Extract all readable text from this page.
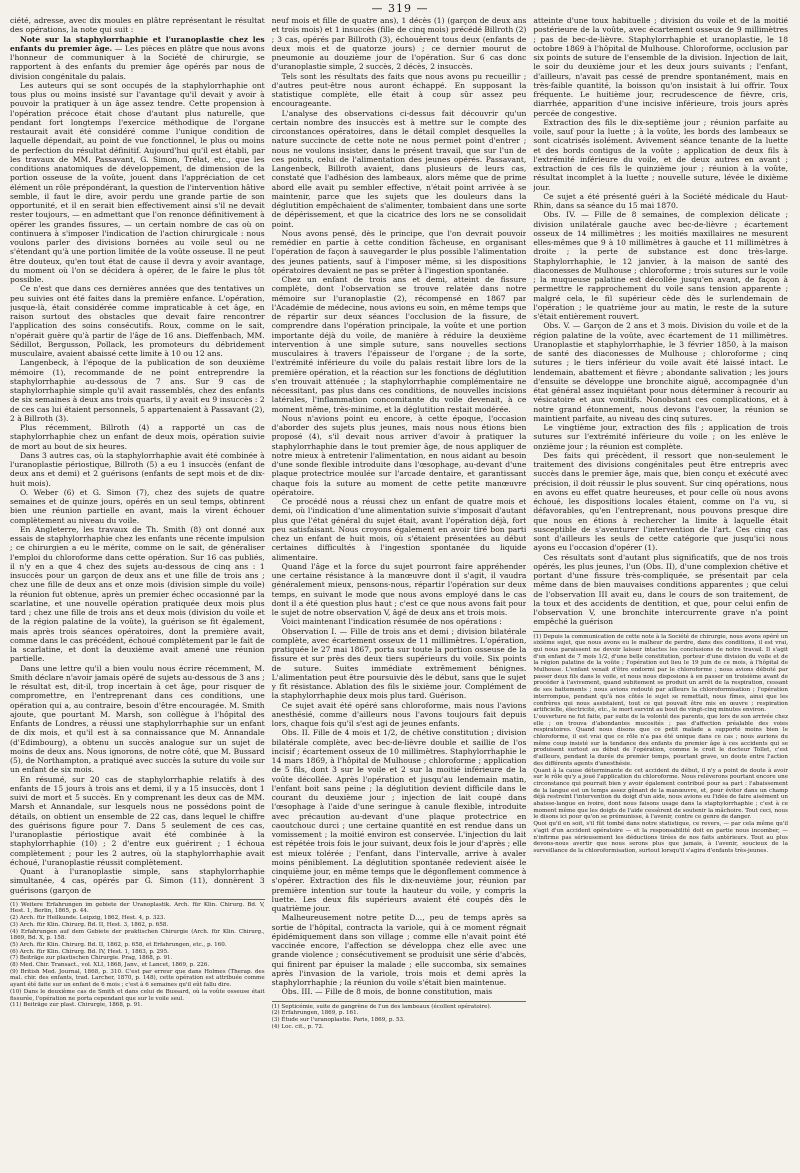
— 319 —

ciété, adresse, avec dix moules en plâtre représentant le résultat des opérations, la note qui suit :

Note sur la staphylorrhaphie et l'uranoplastie chez les enfants du premier âge. — Les pièces en plâtre que nous avons l'honneur de communiquer à la Société de chirurgie, se rapportent à des enfants du premier âge opérés par nous de division congénitale du palais.

Les auteurs qui se sont occupés de la staphylorrhaphie ont tous plus ou moins insisté sur l'avantage qu'il devait y avoir à pouvoir la pratiquer à un âge assez tendre. Cette propension à l'opération précoce était chose d'autant plus naturelle, que pendant fort longtemps l'exercice méthodique de l'organe restaurait avait été considéré comme l'unique condition de laquelle dépendait, au point de vue fonctionnel, le plus ou moins de perfection du résultat définitif. Aujourd'hui qu'il est établi, par les travaux de MM. Passavant, G. Simon, Trélat, etc., que les conditions anatomiques de développement, de dimension de la portion osseuse de la voûte, jouent dans l'appréciation de cet élément un rôle prépondérant, la question de l'intervention hâtive semble, il faut le dire, avoir perdu une grande partie de son opportunité, et il en serait bien effectivement ainsi s'il ne devait rester toujours, — en admettant que l'on renonce définitivement à opérer les grandes fissures, — un certain nombre de cas où on continuera à s'imposer l'indication de l'action chirurgicale : nous voulons parler des divisions bornées au voile seul ou ne s'étendant qu'à une portion limitée de la voûte osseuse. Il ne peut être douteux, qu'en tout état de cause il devra y avoir avantage, du moment où l'on se décidera à opérer, de le faire le plus tôt possible.

Ce n'est que dans ces dernières années que des tentatives un peu suivies ont été faites dans la première enfance. L'opération, jusque-là, était considérée comme impraticable à cet âge, en raison surtout des obstacles que devait faire rencontrer l'application des soins consécutifs. Roux, comme on le sait, n'opérait guère qu'à partir de l'âge de 16 ans. Dieffenbach, MM. Sédillot, Bergusson, Pollack, les promoteurs du débridement musculaire, avaient abaissé cette limite à 10 ou 12 ans.

Langenbeck, à l'époque de la publication de son deuxième mémoire (1), recommande de ne point entreprendre la staphylorrhaphie au-dessous de 7 ans. Sur 9 cas de staphylorrhaphie simple qu'il avait rassemblés, chez des enfants de six semaines à deux ans trois quarts, il y avait eu 9 insuccès : 2 de ces cas lui étaient personnels, 5 appartenaient à Passavant (2), 2 à Billroth (3).

Plus récemment, Billroth (4) a rapporté un cas de staphylorrhaphie chez un enfant de deux mois, opération suivie de mort au bout de six heures.

Dans 3 autres cas, où la staphylorrhaphie avait été combinée à l'uranoplastie périostique, Billroth (5) a eu 1 insuccès (enfant de deux ans et demi) et 2 guérisons (enfants de sept mois et de dix-huit mois).

O. Weber (6) et G. Simon (7), chez des sujets de quatre semaines et de quinze jours, opérés en un seul temps, obtinrent bien une réunion partielle en avant, mais la virent échouer complètement au niveau du voile.

En Angleterre, les travaux de Th. Smith (8) ont donné aux essais de staphylorrhaphie chez les enfants une récente impulsion ; ce chirurgien a eu le mérite, comme on le sait, de généraliser l'emploi du chloroforme dans cette opération. Sur 16 cas publiés, il n'y en a que 4 chez des sujets au-dessous de cinq ans : 1 insuccès pour un garçon de deux ans et une fille de trois ans ; chez une fille de deux ans et onze mois (division simple du voile) la réunion fut obtenue, après un premier échec occasionné par la scarlatine, et une nouvelle opération pratiquée deux mois plus tard ; chez une fille de trois ans et deux mois (division du voile et de la région palatine de la voûte), la guérison se fit également, mais après trois séances opératoires, dont la première avait, comme dans le cas précédent, échoué complètement par le fait de la scarlatine, et dont la deuxième avait amené une réunion partielle.

Dans une lettre qu'il a bien voulu nous écrire récemment, M. Smith déclare n'avoir jamais opéré de sujets au-dessous de 3 ans ; le résultat est, dit-il, trop incertain à cet âge, pour risquer de compromettre, en l'entreprenant dans ces conditions, une opération qui a, au contraire, besoin d'être encouragée. M. Smith ajoute, que pourtant M. Marsh, son collègue à l'hôpital des Enfants de Londres, a réussi une staphylorrhaphie sur un enfant de dix mois, et qu'il est à sa connaissance que M. Annandale (d'Edimbourg), a obtenu un succès analogue sur un sujet de moins de deux ans. Nous ignorons, de notre côté, que M. Bussard (5), de Northampton, a pratiqué avec succès la suture du voile sur un enfant de six mois.

En résumé, sur 20 cas de staphylorrhaphie relatifs à des enfants de 15 jours à trois ans et demi, il y a 15 insuccès, dont 1 suivi de mort et 5 succès. En y comprenant les deux cas de MM. Marsh et Annandale, sur lesquels nous ne possédons point de détails, on obtient un ensemble de 22 cas, dans lequel le chiffre des guérisons figure pour 7. Dans 5 seulement de ces cas, l'uranoplastie périostique avait été combinée à la staphylorrhaphie (10) ; 2 d'entre eux guérirent ; 1 échoua complètement ; pour les 2 autres, où la staphylorrhaphie avait échoué, l'uranoplastie réussit complètement.

Quant à l'uranoplastie simple, sans staphylorrhaphie simultanée, 4 cas, opérés par G. Simon (11), donnèrent 3 guérisons (garçon de

(1) Weitere Erfahrungen im gebiete der Uranoplastik. Arch. für Klin. Chirurg. Bd. V, Hest. 1, Berlin, 1865, p. 44.

(2) Arch. für Heilkunde. Leipzig, 1862, Hest. 4, p. 323.

(3) Arch. für Klin. Chirurg. Bd. II, Hest. 3, 1862, p. 658.

(4) Erfahrungen auf dem Gebiete der praktischen Chirurgie (Arch. für Klin. Chirurg., 1869, Bd. X, p. 158.

(5) Arch. für Klin. Chirurg. Bd. II, 1862, p. 658, et Erfahrungen, etc., p. 160.

(6) Arch. für Klin. Chirurg. Bd. IV, Hest. 1, 1863, p. 295.

(7) Beiträge zur plastischen Chirurgie. Prag, 1868, p. 91.

(8) Med. Chir. Transact., vol. XLI, 1868, Janv., et Lancet, 1869, p. 226.

(9) British Med. Journal, 1868, p. 310. C'est par erreur que dans Holmes (Therap. des mal. chir. des enfants, trad. Larcher, 1870, p. 148), cette opération est attribuée comme ayant été faite sur un enfant de 6 mois ; c'est à 6 semaines qu'il eût fallu dire.

(10) Dans le deuxième cas de Smith et dans celui de Bussard, où la voûte osseuse était fissurée, l'opération ne porta cependant que sur le voile seul.

(11) Beiträge zur plast. Chirurgie, 1868, p. 91.

neuf mois et fille de quatre ans), 1 décès (1) (garçon de deux ans et trois mois) et 1 insuccès (fille de cinq mois) précédé Billroth (2) ; 3 cas, opérés par Billroth (3), échouèrent tous deux (enfants de deux mois et de quatorze jours) ; ce dernier mourut de pneumonie au douzième jour de l'opération. Sur 6 cas donc d'uranoplastie simple, 2 succès, 2 décès, 2 insuccès.

Tels sont les résultats des faits que nous avons pu recueillir ; d'autres peut-être nous auront échappé. En supposant la statistique complète, elle était à coup sûr assez peu encourageante.

L'analyse des observations ci-dessus fait découvrir qu'un certain nombre des insuccès est à mettre sur le compte des circonstances opératoires, dans le détail complet desquelles la nature succincte de cette note ne nous permet point d'entrer ; nous ne voulons insister, dans le présent travail, que sur l'un de ces points, celui de l'alimentation des jeunes opérés. Passavant, Langenbeck, Billroth avaient, dans plusieurs de leurs cas, constaté que l'adhésion des lambeaux, alors même que de prime abord elle avait pu sembler effective, n'était point arrivée à se maintenir, parce que les sujets que les douleurs dans la déglutition empêchaient de s'alimenter, tombaient dans une sorte de dépérissement, et que la cicatrice des lors ne se consolidait point.

Nous avons pensé, dès le principe, que l'on devrait pouvoir remédier en partie à cette condition fâcheuse, en organisant l'opération de façon à sauvegarder le plus possible l'alimentation des jeunes patients, sauf à l'imposer même, si les dispositions opératoires devaient ne pas se prêter à l'ingestion spontanée.

Chez un enfant de trois ans et demi, atteint de fissure complète, dont l'observation se trouve relatée dans notre mémoire sur l'uranoplastie (2), récompensé en 1867 par l'Académie de médecine, nous avions eu soin, en même temps que de répartir sur deux séances l'occlusion de la fissure, de comprendre dans l'opération principale, la voûte et une portion importante déjà du voile, de manière à réduire la deuxième intervention à une simple suture, sans nouvelles sections musculaires à travers l'épaisseur de l'organe ; de la sorte, l'extrémité inférieure du voile du palais restait libre lors de la première opération, et la réaction sur les fonctions de déglutition s'en trouvait atténuée ; la staphylorrhaphie complémentaire ne nécessitant, pas plus dans ces conditions, de nouvelles incisions latérales, l'inflammation concomitante du voile devenait, à ce moment même, très-minime, et la déglutition restait modérée.

Nous n'avions point eu encore, à cette époque, l'occasion d'aborder des sujets plus jeunes, mais nous nous étions bien proposé (4), s'il devait nous arriver d'avoir à pratiquer la staphylorrhaphie dans le tout premier âge, de nous appliquer de notre mieux à entretenir l'alimentation, en nous aidant au besoin d'une sonde flexible introduite dans l'œsophage, au-devant d'une plaque protectrice moulée sur l'arcade dentaire, et garantissant chaque fois la suture au moment de cette petite manœuvre opératoire.

Ce procédé nous a réussi chez un enfant de quatre mois et demi, où l'indication d'une alimentation suivie s'imposait d'autant plus que l'état général du sujet était, avant l'opération déjà, fort peu satisfaisant. Nous croyons également en avoir tiré bon parti chez un enfant de huit mois, où s'étaient présentées au début certaines difficultés à l'ingestion spontanée du liquide alimentaire.

Quand l'âge et la force du sujet pourront faire appréhender une certaine résistance à la manœuvre dont il s'agit, il vaudra généralement mieux, pensons-nous, répartir l'opération sur deux temps, en suivant le mode que nous avons employé dans le cas dont il a été question plus haut ; c'est ce que nous avons fait pour le sujet de notre observation V, âgé de deux ans et trois mois.

Voici maintenant l'indication résumée de nos opérations :

Observation I. — Fille de trois ans et demi ; division bilatérale complète, avec écartement osseux de 11 millimètres. L'opération, pratiquée le 27 mai 1867, porta sur toute la portion osseuse de la fissure et sur près des deux tiers supérieurs du voile. Six points de suture. Suites immédiate extrêmement bénignes. L'alimentation peut être poursuivie dès le début, sans que le sujet y fît résistance. Ablation des fils le sixième jour. Complément de la staphylorrhaphie deux mois plus tard. Guérison.

Ce sujet avait été opéré sans chloroforme, mais nous l'avions anesthésié, comme d'ailleurs nous l'avons toujours fait depuis lors, chaque fois qu'il s'est agi de jeunes enfants.

Obs. II. Fille de 4 mois et 1/2, de chétive constitution ; division bilatérale complète, avec bec-de-lièvre double et saillie de l'os incisif ; écartement osseux de 10 millimètres. Staphylorrhaphie le 14 mars 1869, à l'hôpital de Mulhouse ; chloroforme ; application de 5 fils, dont 3 sur le voile et 2 sur la moitié inférieure de la voûte décollée. Après l'opération et jusqu'au lendemain matin, l'enfant boit sans peine ; la déglutition devient difficile dans le courant du deuxième jour ; injection de lait coupé dans l'œsophage à l'aide d'une seringue à canule flexible, introduite avec précaution au-devant d'une plaque protectrice en caoutchouc durci ; une certaine quantité en est rendue dans un vomissement ; la moitié environ est conservée. L'injection du lait est répétée trois fois le jour suivant, deux fois le jour d'après ; elle est mieux tolérée ; l'enfant, dans l'intervalle, arrive à avaler moins péniblement. La déglutition spontanée redevient aisée le cinquième jour, en même temps que le dégonflement commence à s'opérer. Extraction des fils le dix-neuvième jour, réunion par première intention sur toute la hauteur du voile, y compris la luette. Les deux fils supérieurs avaient été coupés dès le quatrième jour.

Malheureusement notre petite D..., peu de temps après sa sortie de l'hôpital, contracta la variole, qui à ce moment régnait épidémiquement dans son village ; comme elle n'avait point été vaccinée encore, l'affection se développa chez elle avec une grande violence ; consécutivement se produisit une série d'abcès, qui finirent par épuiser la malade ; elle succomba, six semaines après l'invasion de la variole, trois mois et demi après la staphylorrhaphie ; la réunion du voile s'était bien maintenue.

Obs. III. — Fille de 8 mois, de bonne constitution, mais

(1) Septicémie, suite de gangrène de l'un des lambeaux (écollent opératoire).

(2) Erfahrungen, 1869, p. 161.

(3) Étude sur l'uranoplastie. Paris, 1869, p. 53.

(4) Loc. cit., p. 72.

atteinte d'une toux habituelle ; division du voile et de la moitié postérieure de la voûte, avec écartement osseux de 9 millimètres ; pas de bec-de-lièvre. Staphylorrhaphie et uranoplastie, le 18 octobre 1869 à l'hôpital de Mulhouse. Chloroforme, occlusion par six points de suture de l'ensemble de la division. Injection de lait, le soir du deuxième jour et les deux jours suivants ; l'enfant, d'ailleurs, n'avait pas cessé de prendre spontanément, mais en très-faible quantité, la boisson qu'on insistait à lui offrir. Toux fréquente. Le huitième jour, recrudescence de fièvre, cris, diarrhée, apparition d'une incisive inférieure, trois jours après percée de congestive.

Extraction des fils le dix-septième jour ; réunion parfaite au voile, sauf pour la luette ; à la voûte, les bords des lambeaux se sont cicatrisés isolément. Avivement séance tenante de la luette et des bords contigus de la voûte ; application de deux fils à l'extrémité inférieure du voile, et de deux autres en avant ; extraction de ces fils le quinzième jour ; réunion à la voûte, résultat incomplet à la luette ; nouvelle suture, lévée le dixième jour.

Ce sujet a été présenté guéri à la Société médicale du Haut-Rhin, dans sa séance du 15 mai 1870.

Obs. IV. — Fille de 8 semaines, de complexion délicate ; division unilatérale gauche avec bec-de-lièvre ; écartement osseux de 14 millimètres ; les moitiés maxillaires ne mesurent elles-mêmes que 9 à 10 millimètres à gauche et 11 millimètres à droite ; la perte de substance est donc très-large. Staphylorrhaphie, le 12 janvier, à la maison de santé des diaconesses de Mulhouse ; chloroforme ; trois sutures sur le voile ; la muqueuse palatine est décollée jusqu'en avant, de façon à permettre le rapprochement du voile sans tension apparente ; malgré cela, le fil supérieur cède dès le surlendemain de l'opération ; le quatrième jour au matin, le reste de la suture s'était entièrement rouvert.

Obs. V. — Garçon de 2 ans et 3 mois. Division du voile et de la région palatine de la voûte, avec écartement de 11 millimètres. Uranoplastie et staphylorrhaphie, le 3 février 1850, à la maison de santé des diaconesses de Mulhouse ; chloroforme ; cinq sutures ; le tiers inférieur du voile avait été laissé intact. Le lendemain, abattement et fièvre ; abondante salivation ; les jours d'ensuite se développe une bronchite aiguë, accompagnée d'un état général assez inquiétant pour nous déterminer à recourir au vésicatoire et aux vomitifs. Nonobstant ces complications, et à notre grand étonnement, nous devons l'avouer, la réunion se maintient parfaite, au niveau des cinq sutures.

Le vingtième jour, extraction des fils ; application de trois sutures sur l'extrémité inférieure du voile ; on les enlève le onzième jour ; la réunion est complète.

Des faits qui précèdent, il ressort que non-seulement le traitement des divisions congénitales peut être entrepris avec succès dans le premier âge, mais que, bien conçu et exécuté avec précision, il doit réussir le plus souvent. Sur cinq opérations, nous en avons eu effet quatre heureuses, et pour celle où nous avons échoué, les dispositions locales étaient, comme on l'a vu, si défavorables, qu'en l'entreprenant, nous pouvons presque dire que nous en étions à rechercher la limite à laquelle était susceptible de s'aventurer l'intervention de l'art. Ces cinq cas sont d'ailleurs les seuls de cette catégorie que jusqu'ici nous ayons eu l'occasion d'opérer (1).

Ces résultats sont d'autant plus significatifs, que de nos trois opérés, les plus jeunes, l'un (Obs. II), d'une complexion chétive et portant d'une fissure très-compliquée, se présentait par cela même dans de bien mauvaises conditions apparentes ; que celui de l'observation III avait eu, dans le cours de son traitement, de la toux et des accidents de dentition, et que, pour celui enfin de l'observation V, une bronchite intercurrente grave n'a point empêché la guérison

(1) Depuis la communication de cette note à la Société de chirurgie, nous avons opéré un sixième sujet, que nous avons eu le malheur de perdre, dans des conditions, il est vrai, qui nous paraissent ne devoir laisser intactes les conclusions de notre travail. Il s'agit d'un enfant de 7 mois 1/2, d'une belle constitution, porteur d'une division du voile et de la région palatine de la voûte ; l'opération eut lieu le 19 juin de ce mois, à l'hôpital de Mulhouse. L'enfant venait d'être endormi par le chloroforme ; nous avions débuté par passer deux fils dans le voile, et nous nous disposions à en passer un troisième avant de procéder à l'avivement, quand subitement se produit un arrêt de la respiration, cessant de ses battements ; nous avions redouté par ailleurs la chloroformisation ; l'opération interrompue, pendant qu'à nos côtés le sujet se remettait, nous fîmes, ainsi que les confrères qui nous assistaient, tout ce qui pouvait être mis en œuvre ; respiration artificielle, électricité, etc., le mort survint au bout de vingt-cinq minutes environ.

L'ouverture ne fut faite, par suite de la volonté des parents, que lors de son arrivée chez elle ; on trouva d'abondantes mucosités ; pas d'affection préalable des voies respiratoires. Quand nous disons que ce petit malade a supporté moins bien le chloroforme, il est vrai que ce rôle n'a pas été unique dans ce cas ; nous aurions du même coup insisté sur la tendance des enfants du premier âge à ces accidents qui se produisent surtout au début de l'opération, comme le croit le docteur Tollet, c'est d'ailleurs, pendant la durée du premier temps, pourtant grave, un doute entre l'action des différents agents d'anesthésie.

Quant à la cause déterminante de cet accident du début, il n'y a point de doute à avoir sur le rôle qu'y a joué l'application du chloroforme. Nous relèverons pourtant encore une circonstance qui pourrait bien y avoir également contribué pour sa part : l'abaissement de la langue est un temps assez gênant de la manœuvre, et, pour éviter dans un champ déjà restreint l'intervention du doigt d'un aide, nous avions eu l'idée de faire aisément un abaisse-langue en ivoire, dont nous faisons usage dans la staphylorrhaphie ; c'est à ce moment même que les doigts de l'aide cessèrent de soutenir la mâchoire. Tout ceci, nous le disons ici pour qu'on se prémunisse, à l'avenir, contre ce genre de danger.

Quoi qu'il en soit, s'il fût tombé dans notre statistique, ce revers, — par cela même qu'il s'agit d'un accident opératoire — et la responsabilité doit en partie nous incomber, — n'infirme pas sérieusement les déductions tirées de nos faits antérieurs. Tout au plus devons-nous avertir que nous serons plus que jamais, à l'avenir, soucieux de la surveillance de la chloroformisation, surtout lorsqu'il s'agira d'enfants très-jeunes.
